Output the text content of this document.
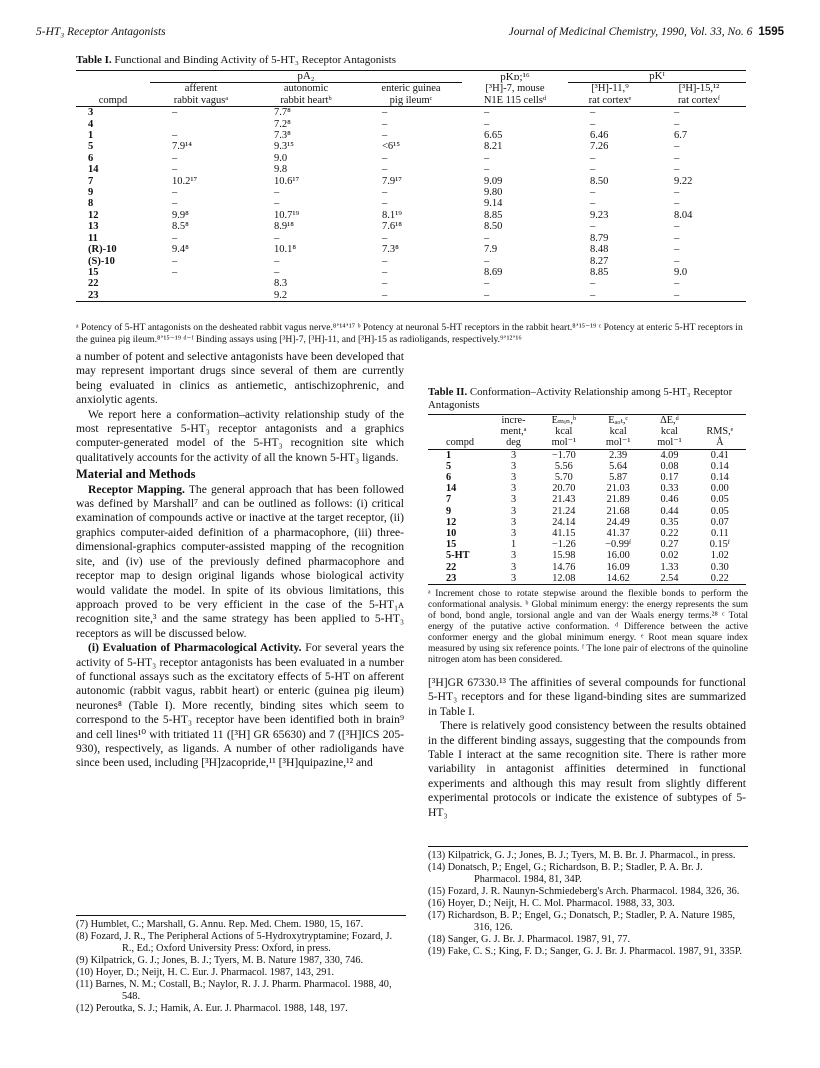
5-HT₃ Receptor Antagonists	Journal of Medicinal Chemistry, 1990, Vol. 33, No. 6 1595
Table I. Functional and Binding Activity of 5-HT₃ Receptor Antagonists
	pA₂			pKᴅ;¹⁶	pKᴵ	
	afferent	autonomic	enteric guinea	[³H]-7, mouse	[³H]-11,⁹	[³H]-15,¹²
compd	rabbit vagusᵃ	rabbit heartᵇ	pig ileumᶜ	N1E 115 cellsᵈ	rat cortexᵉ	rat cortexᶠ
3	–	7.7⁸	–	–	–	–
4		7.2⁸	–	–	–	–
1	–	7.3⁸	–	6.65	6.46	6.7
5	7.9¹⁴	9.3¹⁵	<6¹⁵	8.21	7.26	–
6	–	9.0	–	–	–	–
14	–	9.8	–	–	–	–
7	10.2¹⁷	10.6¹⁷	7.9¹⁷	9.09	8.50	9.22
9	–	–	–	9.80	–	–
8	–	–	–	9.14	–	–
12	9.9⁸	10.7¹⁹	8.1¹⁹	8.85	9.23	8.04
13	8.5⁸	8.9¹⁸	7.6¹⁸	8.50	–	–
11	–	–	–	–	8.79	–
(R)-10	9.4⁸	10.1⁸	7.3⁸	7.9	8.48	–
(S)-10	–	–	–	–	8.27	–
15	–	–	–	8.69	8.85	9.0
22		8.3	–	–	–	–
23		9.2	–	–	–	–
ᵃ Potency of 5-HT antagonists on the desheated rabbit vagus nerve.⁸ʼ¹⁴ʼ¹⁷ ᵇ Potency at neuronal 5-HT receptors in the rabbit heart.⁸ʼ¹⁵⁻¹⁹ ᶜ Potency at enteric 5-HT receptors in the guinea pig ileum.⁸ʼ¹⁵⁻¹⁹ ᵈ⁻ᶠ Binding assays using [³H]-7, [³H]-11, and [³H]-15 as radioligands, respectively.⁹ʼ¹²ʼ¹⁶

a number of potent and selective antagonists have been developed that may represent important drugs since several of them are currently being evaluated in clinics as antiemetic, antischizophrenic, and anxiolytic agents.

We report here a conformation–activity relationship study of the most representative 5-HT₃ receptor antagonists and a graphics computer-generated model of the 5-HT₃ recognition site which qualitatively accounts for the activity of all the known 5-HT₃ ligands.

Material and Methods

Receptor Mapping. The general approach that has been followed was defined by Marshall⁷ and can be outlined as follows: (i) critical examination of compounds active or inactive at the target receptor, (ii) graphics computer-aided definition of a pharmacophore, (iii) three-dimensional-graphics computer-assisted mapping of the recognition site, and (iv) use of the previously defined pharmacophore and receptor map to design original ligands whose biological activity would validate the model. In spite of its obvious limitations, this approach proved to be very efficient in the case of the 5-HT₁ᴀ recognition site,³ and the same strategy has been applied to 5-HT₃ receptors as will be discussed below.

(i) Evaluation of Pharmacological Activity. For several years the activity of 5-HT₃ receptor antagonists has been evaluated in a number of functional assays such as the excitatory effects of 5-HT on afferent autonomic (rabbit vagus, rabbit heart) or enteric (guinea pig ileum) neurones⁸ (Table I). More recently, binding sites which seem to correspond to the 5-HT₃ receptor have been identified both in brain⁹ and cell lines¹⁰ with tritiated 11 ([³H] GR 65630) and 7 ([³H]ICS 205-930), respectively, as ligands. A number of other radioligands have since been used, including [³H]zacopride,¹¹ [³H]quipazine,¹² and

Table II. Conformation–Activity Relationship among 5-HT₃ Receptor Antagonists
	incre-	Eₘᵢₙ,ᵇ	Eₐₒₜ,ᶜ	ΔE,ᵈ	
	ment,ᵃ	kcal	kcal	kcal	RMS,ᵉ
compd	deg	mol⁻¹	mol⁻¹	mol⁻¹	Å
1	3	−1.70	2.39	4.09	0.41
5	3	5.56	5.64	0.08	0.14
6	3	5.70	5.87	0.17	0.14
14	3	20.70	21.03	0.33	0.00
7	3	21.43	21.89	0.46	0.05
9	3	21.24	21.68	0.44	0.05
12	3	24.14	24.49	0.35	0.07
10	3	41.15	41.37	0.22	0.11
15	1	−1.26	−0.99ᶠ	0.27	0.15ᶠ
5-HT	3	15.98	16.00	0.02	1.02
22	3	14.76	16.09	1.33	0.30
23	3	12.08	14.62	2.54	0.22
ᵃ Increment chose to rotate stepwise around the flexible bonds to perform the conformational analysis. ᵇ Global minimum energy: the energy represents the sum of bond, bond angle, torsional angle and van der Waals energy terms.²⁸ ᶜ Total energy of the putative active conformation. ᵈ Difference between the active conformer energy and the global minimum energy. ᵉ Root mean square index measured by using six reference points. ᶠ The lone pair of electrons of the quinoline nitrogen atom has been considered.

[³H]GR 67330.¹³ The affinities of several compounds for functional 5-HT₃ receptors and for these ligand-binding sites are summarized in Table I.

There is relatively good consistency between the results obtained in the different binding assays, suggesting that the compounds from Table I interact at the same recognition site. There is rather more variability in antagonist affinities determined in functional experiments and although this may result from slightly different experimental protocols or indicate the existence of subtypes of 5-HT₃

(7) Humblet, C.; Marshall, G. Annu. Rep. Med. Chem. 1980, 15, 167.

(8) Fozard, J. R., The Peripheral Actions of 5-Hydroxytryptamine; Fozard, J. R., Ed.; Oxford University Press: Oxford, in press.

(9) Kilpatrick, G. J.; Jones, B. J.; Tyers, M. B. Nature 1987, 330, 746.

(10) Hoyer, D.; Neijt, H. C. Eur. J. Pharmacol. 1987, 143, 291.

(11) Barnes, N. M.; Costall, B.; Naylor, R. J. J. Pharm. Pharmacol. 1988, 40, 548.

(12) Peroutka, S. J.; Hamik, A. Eur. J. Pharmacol. 1988, 148, 197.

(13) Kilpatrick, G. J.; Jones, B. J.; Tyers, M. B. Br. J. Pharmacol., in press.

(14) Donatsch, P.; Engel, G.; Richardson, B. P.; Stadler, P. A. Br. J. Pharmacol. 1984, 81, 34P.

(15) Fozard, J. R. Naunyn-Schmiedeberg's Arch. Pharmacol. 1984, 326, 36.

(16) Hoyer, D.; Neijt, H. C. Mol. Pharmacol. 1988, 33, 303.

(17) Richardson, B. P.; Engel, G.; Donatsch, P.; Stadler, P. A. Nature 1985, 316, 126.

(18) Sanger, G. J. Br. J. Pharmacol. 1987, 91, 77.

(19) Fake, C. S.; King, F. D.; Sanger, G. J. Br. J. Pharmacol. 1987, 91, 335P.
